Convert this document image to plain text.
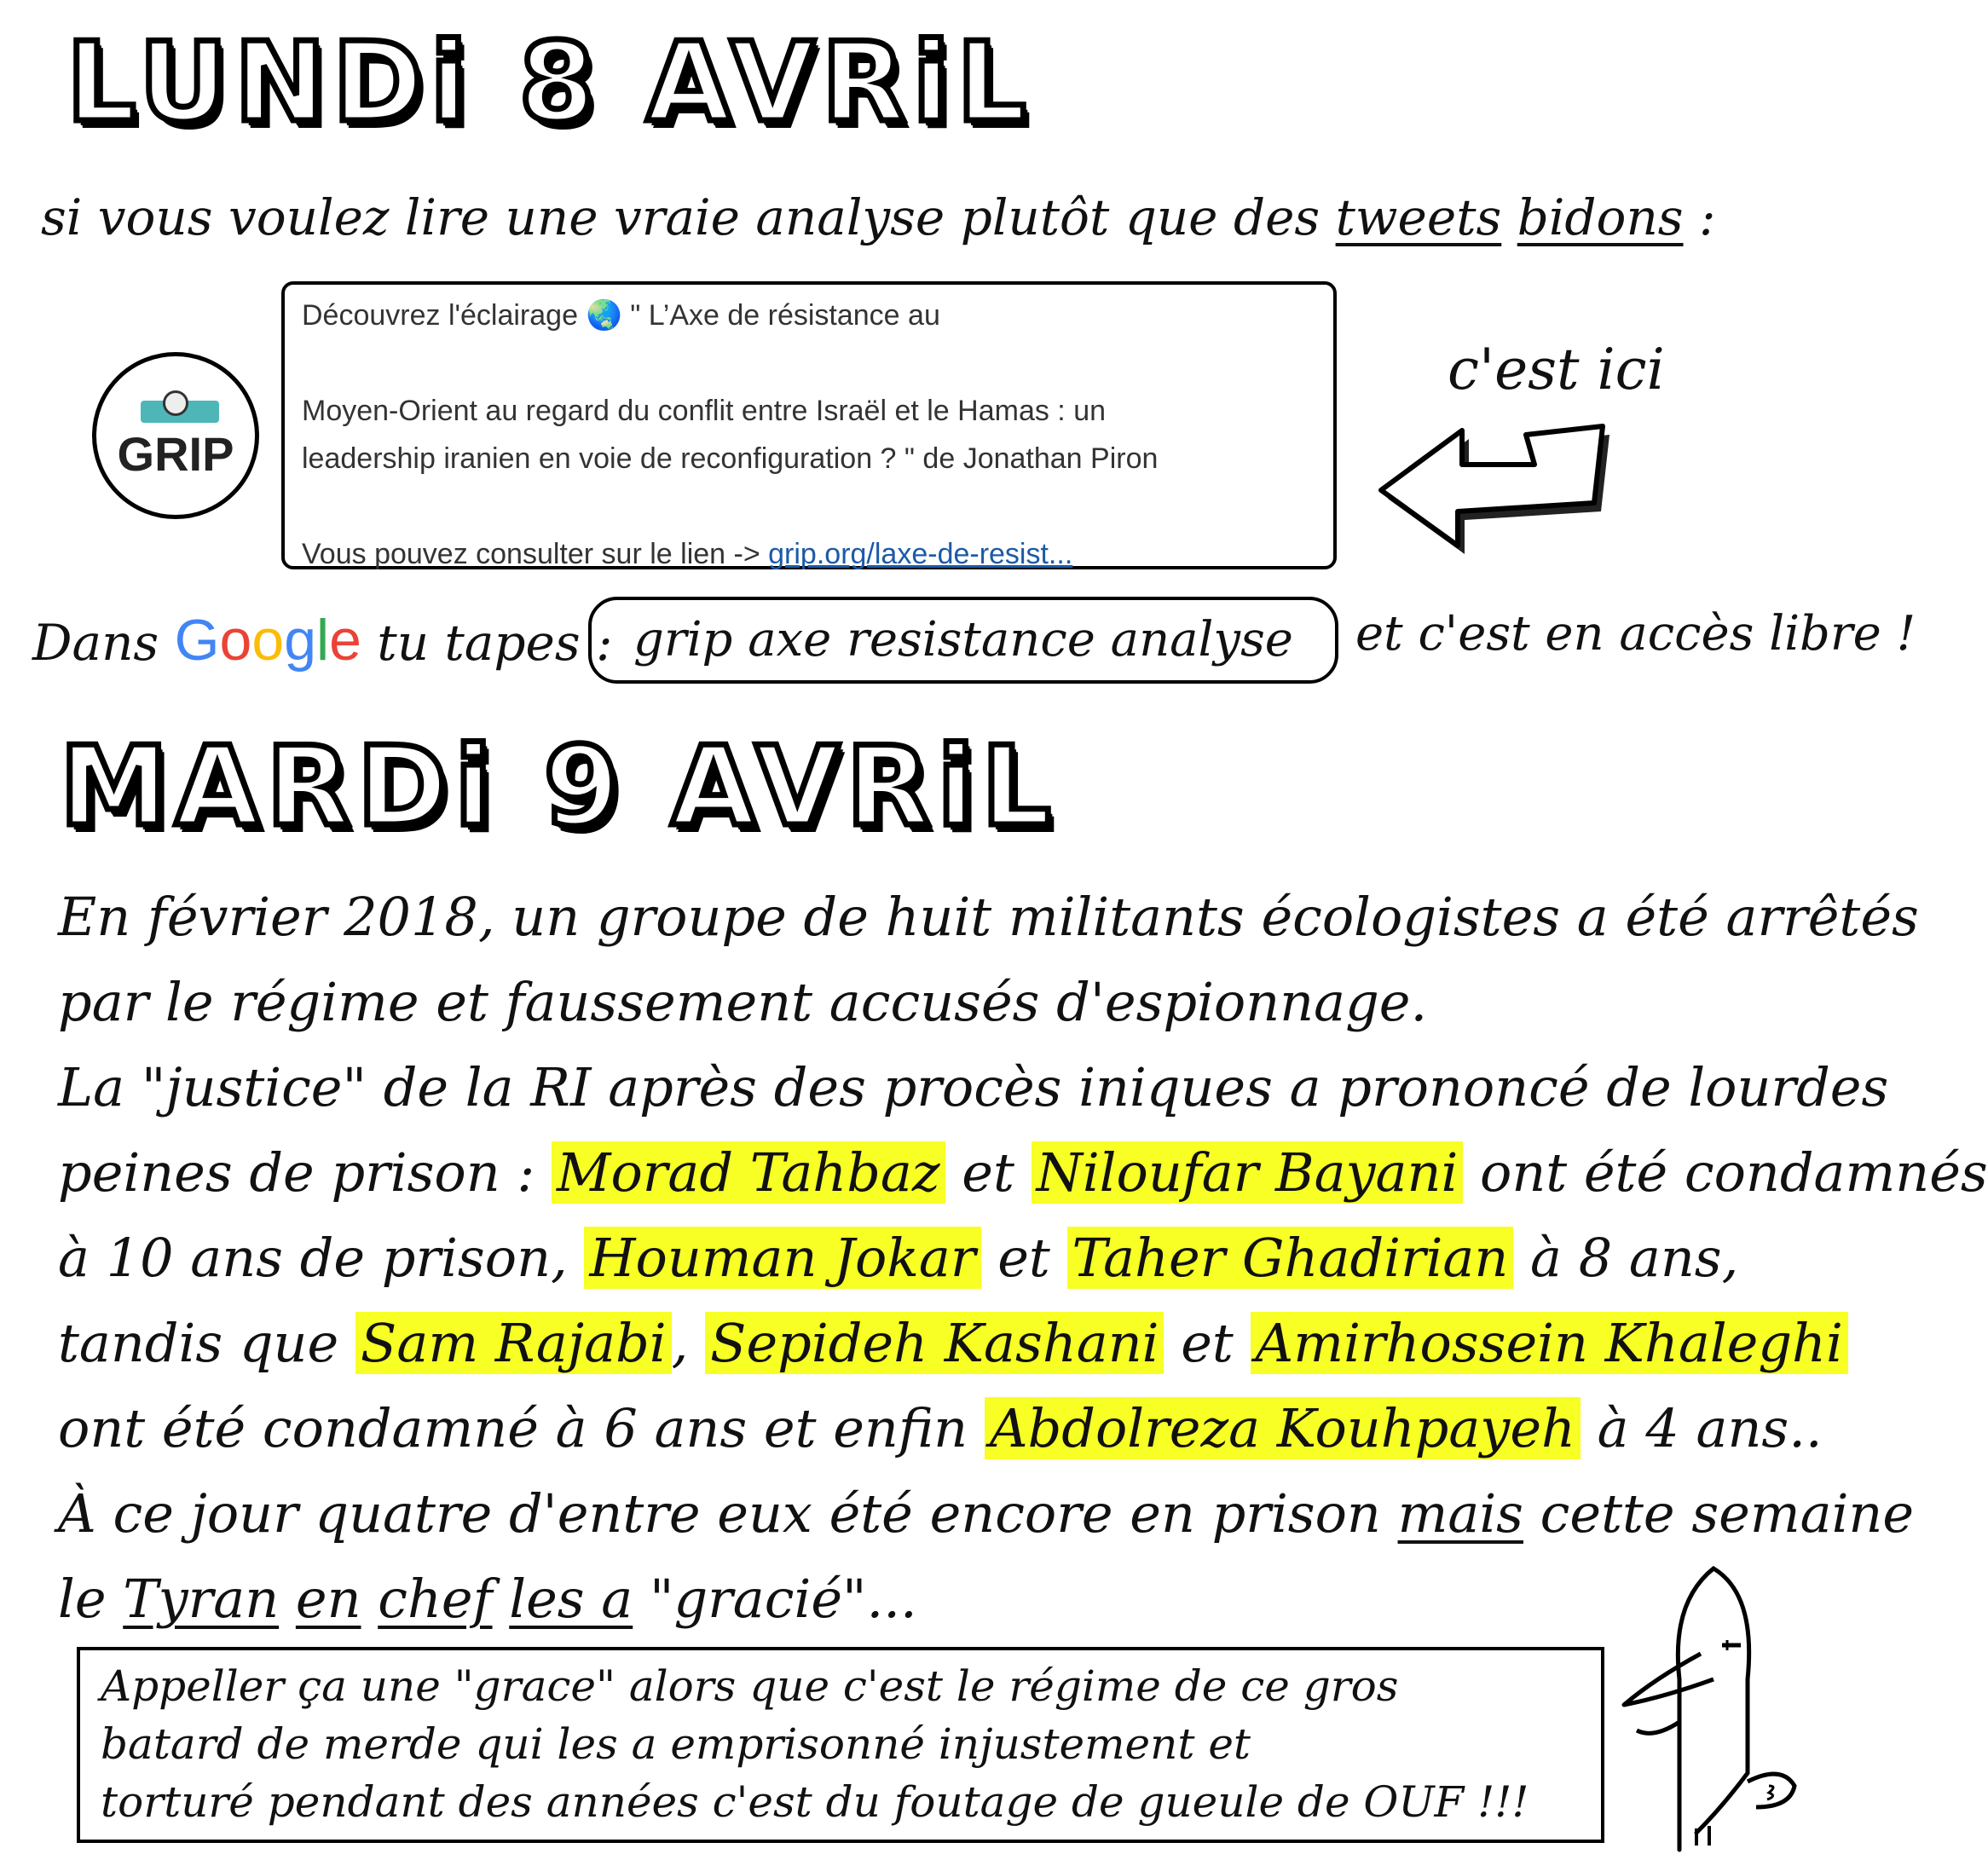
LUNDi 8 AVRiL
si vous voulez lire une vraie analyse plutôt que des tweets bidons :
GRIP

Découvrez l'éclairage 🌏 " L’Axe de résistance au

Moyen-Orient au regard du conflit entre Israël et le Hamas : un

leadership iranien en voie de reconfiguration ? " de Jonathan Piron

Vous pouvez consulter sur le lien -> grip.org/laxe-de-resist...

c'est ici
Dans Google tu tapes : grip axe resistance analyse et c'est en accès libre !
MARDi 9 AVRiL
En février 2018, un groupe de huit militants écologistes a été arrêtés
par le régime et faussement accusés d'espionnage.
La "justice" de la RI après des procès iniques a prononcé de lourdes
peines de prison : Morad Tahbaz et Niloufar Bayani ont été condamnés
à 10 ans de prison, Houman Jokar et Taher Ghadirian à 8 ans,
tandis que Sam Rajabi, Sepideh Kashani et Amirhossein Khaleghi
ont été condamné à 6 ans et enfin Abdolreza Kouhpayeh à 4 ans..
À ce jour quatre d'entre eux été encore en prison mais cette semaine
le Tyran en chef les a "gracié"...

Appeller ça une "grace" alors que c'est le régime de ce gros

batard de merde qui les a emprisonné injustement et

torturé pendant des années c'est du foutage de gueule de OUF !!!
